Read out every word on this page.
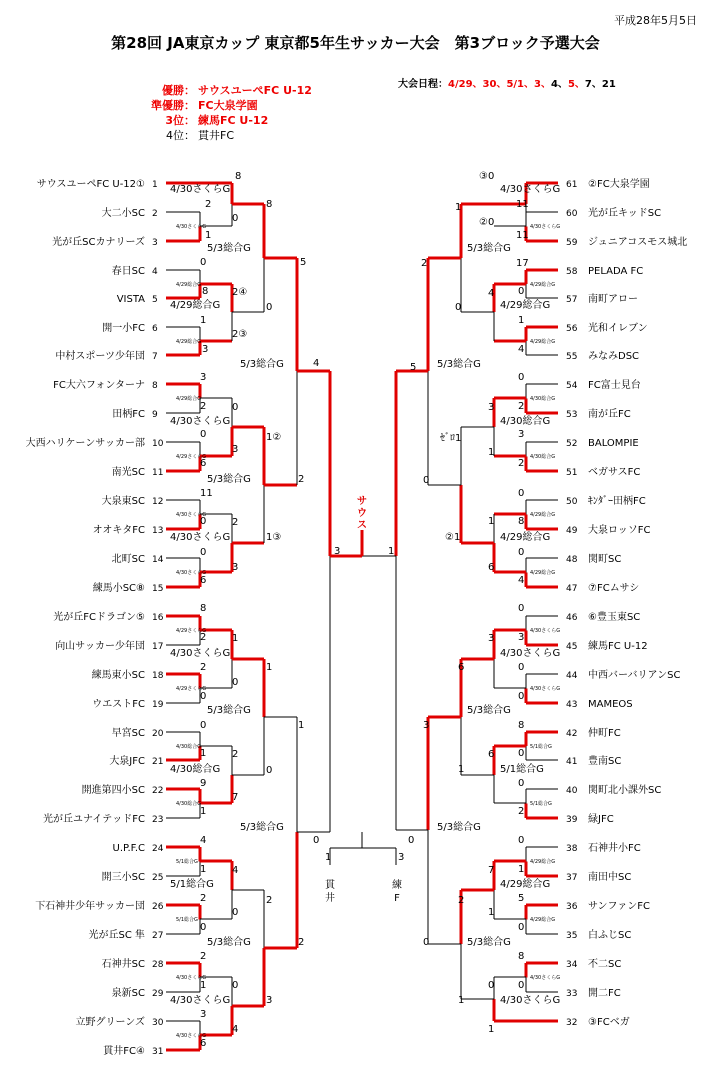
平成28年5月5日
第28回 JA東京カップ 東京都5年生サッカー大会　第3ブロック予選大会
大会日程：4/29、30、5/1、3、4、5、7、21
優勝： サウスユーぺFC U-12
準優勝： FC大泉学園
3位： 練馬FC U-12
4位： 貫井FC
サウスユーペFC U-12① 1
大二小SC 2
光が丘SCカナリーズ 3
春日SC 4
VISTA 5
開一小FC 6
中村スポーツ少年団 7
FC大六フォンターナ 8
田柄FC 9
大西ハリケーンサッカー部 10
南光SC 11
大泉東SC 12
オオキタFC 13
北町SC 14
練馬小SC⑧ 15
光が丘FCドラゴン⑤ 16
向山サッカー少年団 17
練馬東小SC 18
ウエストFC 19
早宮SC 20
大泉JFC 21
開進第四小SC 22
光が丘ユナイテッドFC 23
U.P.F.C 24
開三小SC 25
下石神井少年サッカー団 26
光が丘SC 隼 27
石神井SC 28
泉新SC 29
立野グリーンズ 30
貫井FC④ 31
61 ②FC大泉学園
60 光が丘キッドSC
59 ジュニアコスモス城北
58 PELADA FC
57 南町アロー
56 光和イレブン
55 みなみDSC
54 FC富士見台
53 南が丘FC
52 BALOMPIE
51 ベガサスFC
50 ｷﾝﾀﾞｰ田柄FC
49 大泉ロッソFC
48 関町SC
47 ⑦FCムサシ
46 ⑥豊玉東SC
45 練馬FC U-12
44 中西バーバリアンSC
43 MAMEOS
42 仲町FC
41 豊南SC
40 関町北小課外SC
39 緑JFC
38 石神井小FC
37 南田中SC
36 サンファンFC
35 白ふじSC
34 不二SC
33 開二FC
32 ③FCベガ
8
2
0
1
8
0
8 2④
1
2③
3
0
5
4
3
2	0
0
6
3
1②
11
0	2
0
6
3
1③
2
3
8
2	1
2
0
0
1
0
1	2
9
1
7
0
1
0
4
1	4
2
0
0
2
2
1	0
3
6
4
3
2
③0
11
②0
11
1
17
4 0
1
4
0
2
5
0
3 2
3
1
2
ｾﾞﾛ1
0
1 8
0
6
4
②1
0
1
0
3 3
0
6
0
8
6 0
0
1
2
3
0	0
7 1
5
1
0
2
8
0 0
1
1
0
4/30さくらG
5/3総合G
4/29総合G
5/3総合G
4/30さくらG
5/3総合G
4/30さくらG
4/30さくらG
5/3総合G
4/30総合G
5/3総合G
5/1総合G
5/3総合G
4/30さくらG
4/30さくらG
5/3総合G
4/29総合G
5/3総合G
4/30総合G
4/29総合G
4/30さくらG
5/3総合G
5/1総合G
5/3総合G
4/29総合G
5/3総合G
4/30さくらG
4/30さくらG
4/29総合G
4/29総合G
4/29総合G
4/29さくらG
4/30さくらG
4/30さくらG
4/29さくらG
4/29さくらG
4/30総合G
4/30総合G
5/1総合G
5/1総合G
4/30さくらG
4/30さくらG
4/30さくらG
4/29総合G
4/29総合G
4/30総合G
4/30総合G
4/29総合G
4/29総合G
4/30さくらG
4/30さくらG
5/1総合G
5/1総合G
4/29総合G
4/29総合G
4/30さくらG
サ
ウ
ス
1	3
貫
井
練
F
